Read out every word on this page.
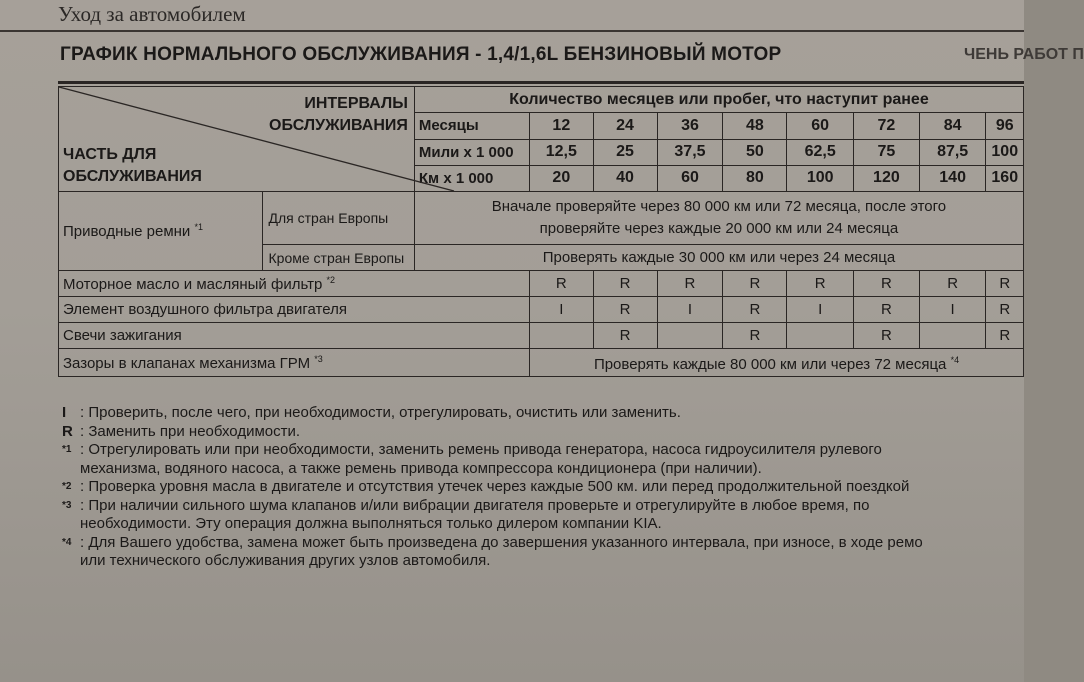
Уход за автомобилем
ГРАФИК НОРМАЛЬНОГО ОБСЛУЖИВАНИЯ - 1,4/1,6L БЕНЗИНОВЫЙ МОТОР	ЧЕНЬ РАБОТ П
ИНТЕРВАЛЫ
ОБСЛУЖИВАНИЯ
ЧАСТЬ ДЛЯ
ОБСЛУЖИВАНИЯ		Количество месяцев или пробег, что наступит ранее								
		Месяцы	12	24	36	48	60	72	84	96
		Мили х 1 000	12,5	25	37,5	50	62,5	75	87,5	100
		Км х 1 000	20	40	60	80	100	120	140	160
Приводные ремни $^{*1}$	Для стран Европы	Вначале проверяйте через 80 000 км или 72 месяца, после этого
проверяйте через каждые 20 000 км или 24 месяца								

	Кроме стран Европы	Проверять каждые 30 000 км или через 24 месяца								
Моторное масло и масляный фильтр $^{*2}$			R	R	R	R	R	R	R	R
Элемент воздушного фильтра двигателя			I	R	I	R	I	R	I	R
Свечи зажигания				R		R		R		R
Зазоры в клапанах механизма ГРМ $^{*3}$			Проверять каждые 80 000 км или через 72 месяца $^{*4}$
I : Проверить, после чего, при необходимости, отрегулировать, очистить или заменить.
R : Заменить при необходимости.
*1 : Отрегулировать или при необходимости, заменить ремень привода генератора, насоса гидроусилителя рулевого
механизма, водяного насоса, а также ремень привода компрессора кондиционера (при наличии).
*2 : Проверка уровня масла в двигателе и отсутствия утечек через каждые 500 км. или перед продолжительной поездкой
*3 : При наличии сильного шума клапанов и/или вибрации двигателя проверьте и отрегулируйте в любое время, по
необходимости. Эту операция должна выполняться только дилером компании KIA.
*4 : Для Вашего удобства, замена может быть произведена до завершения указанного интервала, при износе, в ходе ремо
или технического обслуживания других узлов автомобиля.
